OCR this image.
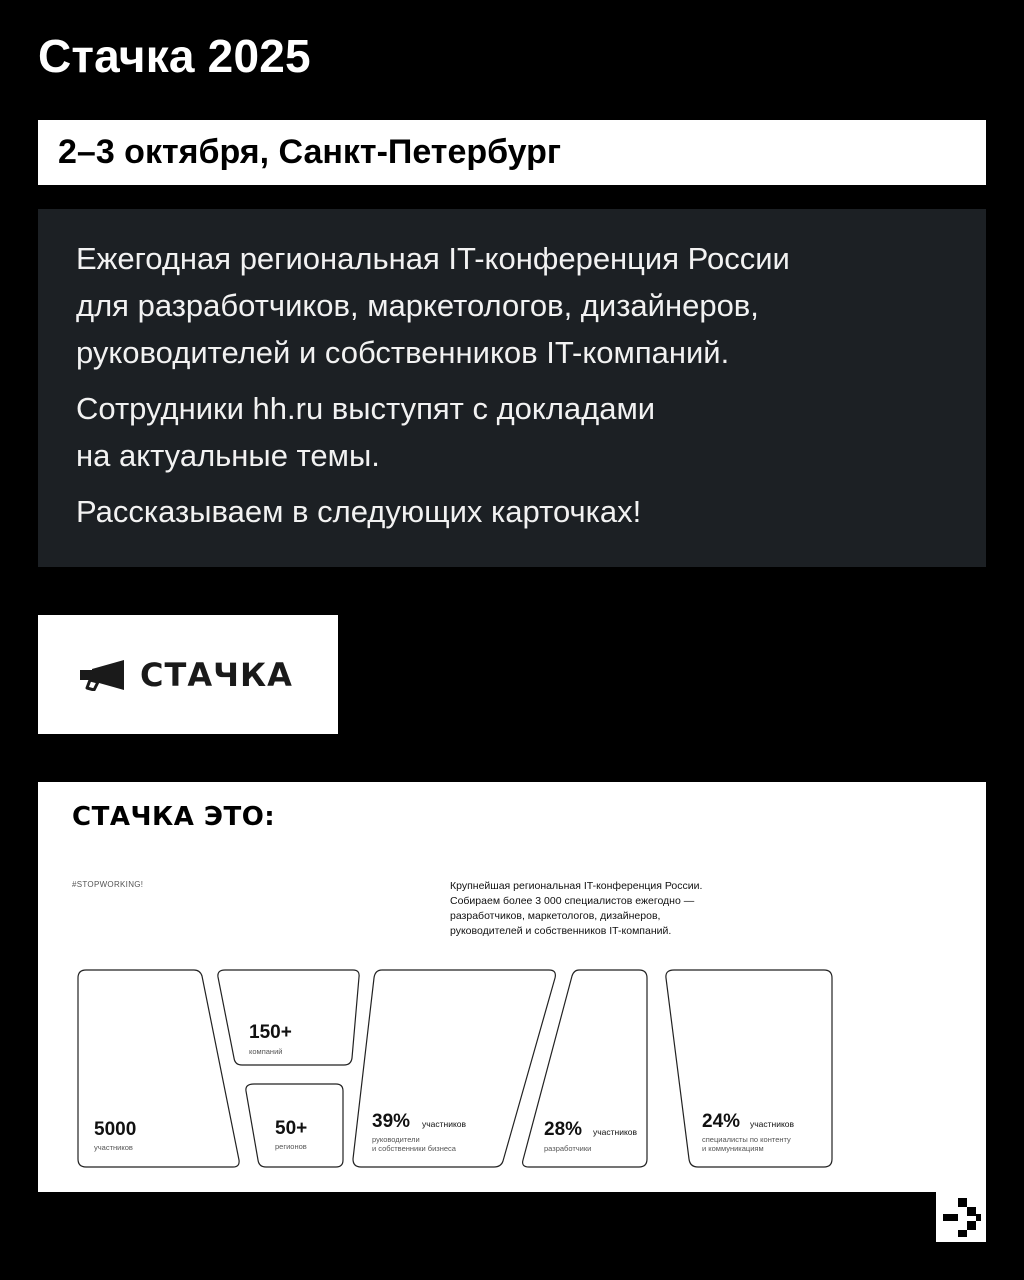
Стачка 2025
2–3 октября, Санкт-Петербург

Ежегодная региональная IT-конференция России
для разработчиков, маркетологов, дизайнеров,
руководителей и собственников IT-компаний.

Сотрудники hh.ru выступят с докладами
на актуальные темы.

Рассказываем в следующих карточках!

СТАЧКА
СТАЧКА ЭТО:
#STOPWORKING!	Крупнейшая региональная IT-конференция России.
Собираем более 3 000 специалистов ежегодно —
разработчиков, маркетологов, дизайнеров,
руководителей и собственников IT-компаний.
5000
участников
150+
компаний
50+
регионов
39% участников
руководители
и собственники бизнеса
28% участников
разработчики
24% участников
специалисты по контенту
и коммуникациям
